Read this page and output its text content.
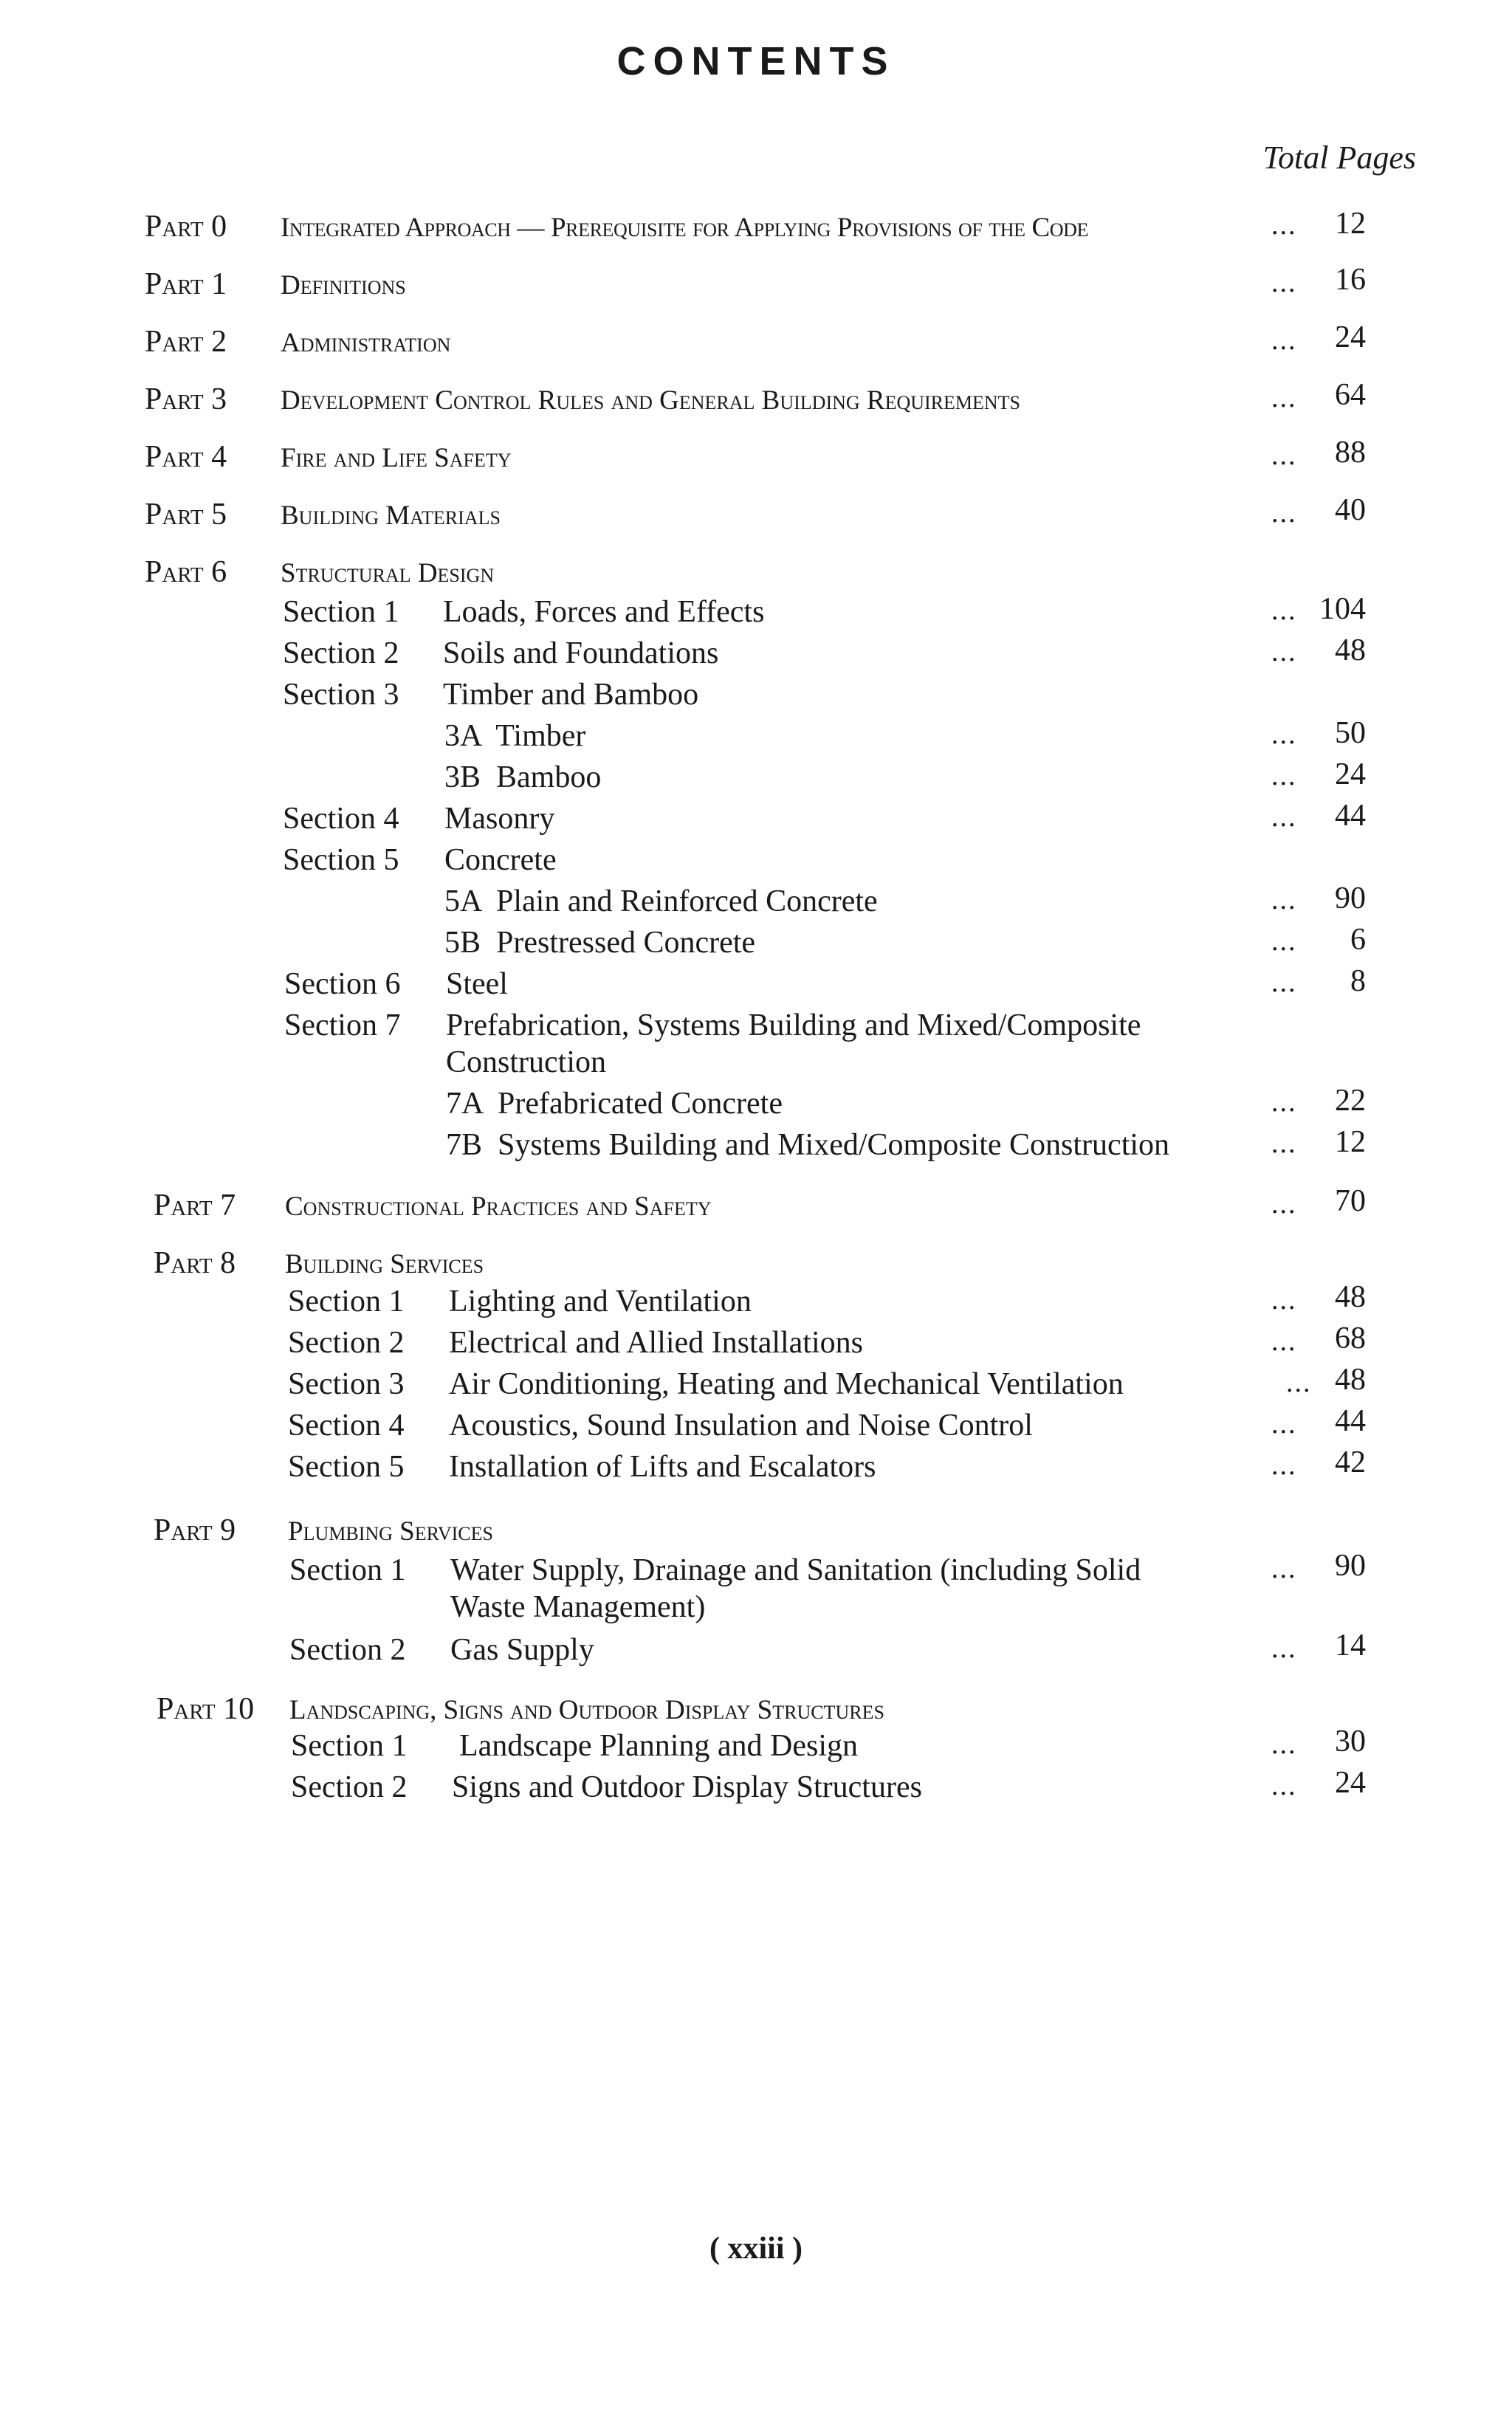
CONTENTS
Total Pages
Part 0 Integrated Approach — Prerequisite for Applying Provisions of the Code	...	12
Part 1 Definitions	...	16
Part 2 Administration	...	24
Part 3 Development Control Rules and General Building Requirements	...	64
Part 4 Fire and Life Safety	...	88
Part 5 Building Materials	...	40
Part 6 Structural Design
Section 1 Loads, Forces and Effects	... 104
Section 2 Soils and Foundations	...	48
Section 3 Timber and Bamboo
3A  Timber	...	50
3B  Bamboo	...	24
Section 4 Masonry	...	44
Section 5 Concrete
5A  Plain and Reinforced Concrete	...	90
5B  Prestressed Concrete	...	6
Section 6 Steel	...	8
Section 7 Prefabrication, Systems Building and Mixed/Composite
Construction
7A  Prefabricated Concrete	...	22
7B  Systems Building and Mixed/Composite Construction	...	12
Part 7 Constructional Practices and Safety	...	70
Part 8 Building Services
Section 1 Lighting and Ventilation	...	48
Section 2 Electrical and Allied Installations	...	68
Section 3 Air Conditioning, Heating and Mechanical Ventilation	... 48
Section 4 Acoustics, Sound Insulation and Noise Control	...	44
Section 5 Installation of Lifts and Escalators	...	42
Part 9 Plumbing Services
Section 1 Water Supply, Drainage and Sanitation (including Solid
Waste Management)
...	90
Section 2 Gas Supply	...	14
Part 10 Landscaping, Signs and Outdoor Display Structures
Section 1 Landscape Planning and Design	...	30
Section 2 Signs and Outdoor Display Structures	...	24
( xxiii )
